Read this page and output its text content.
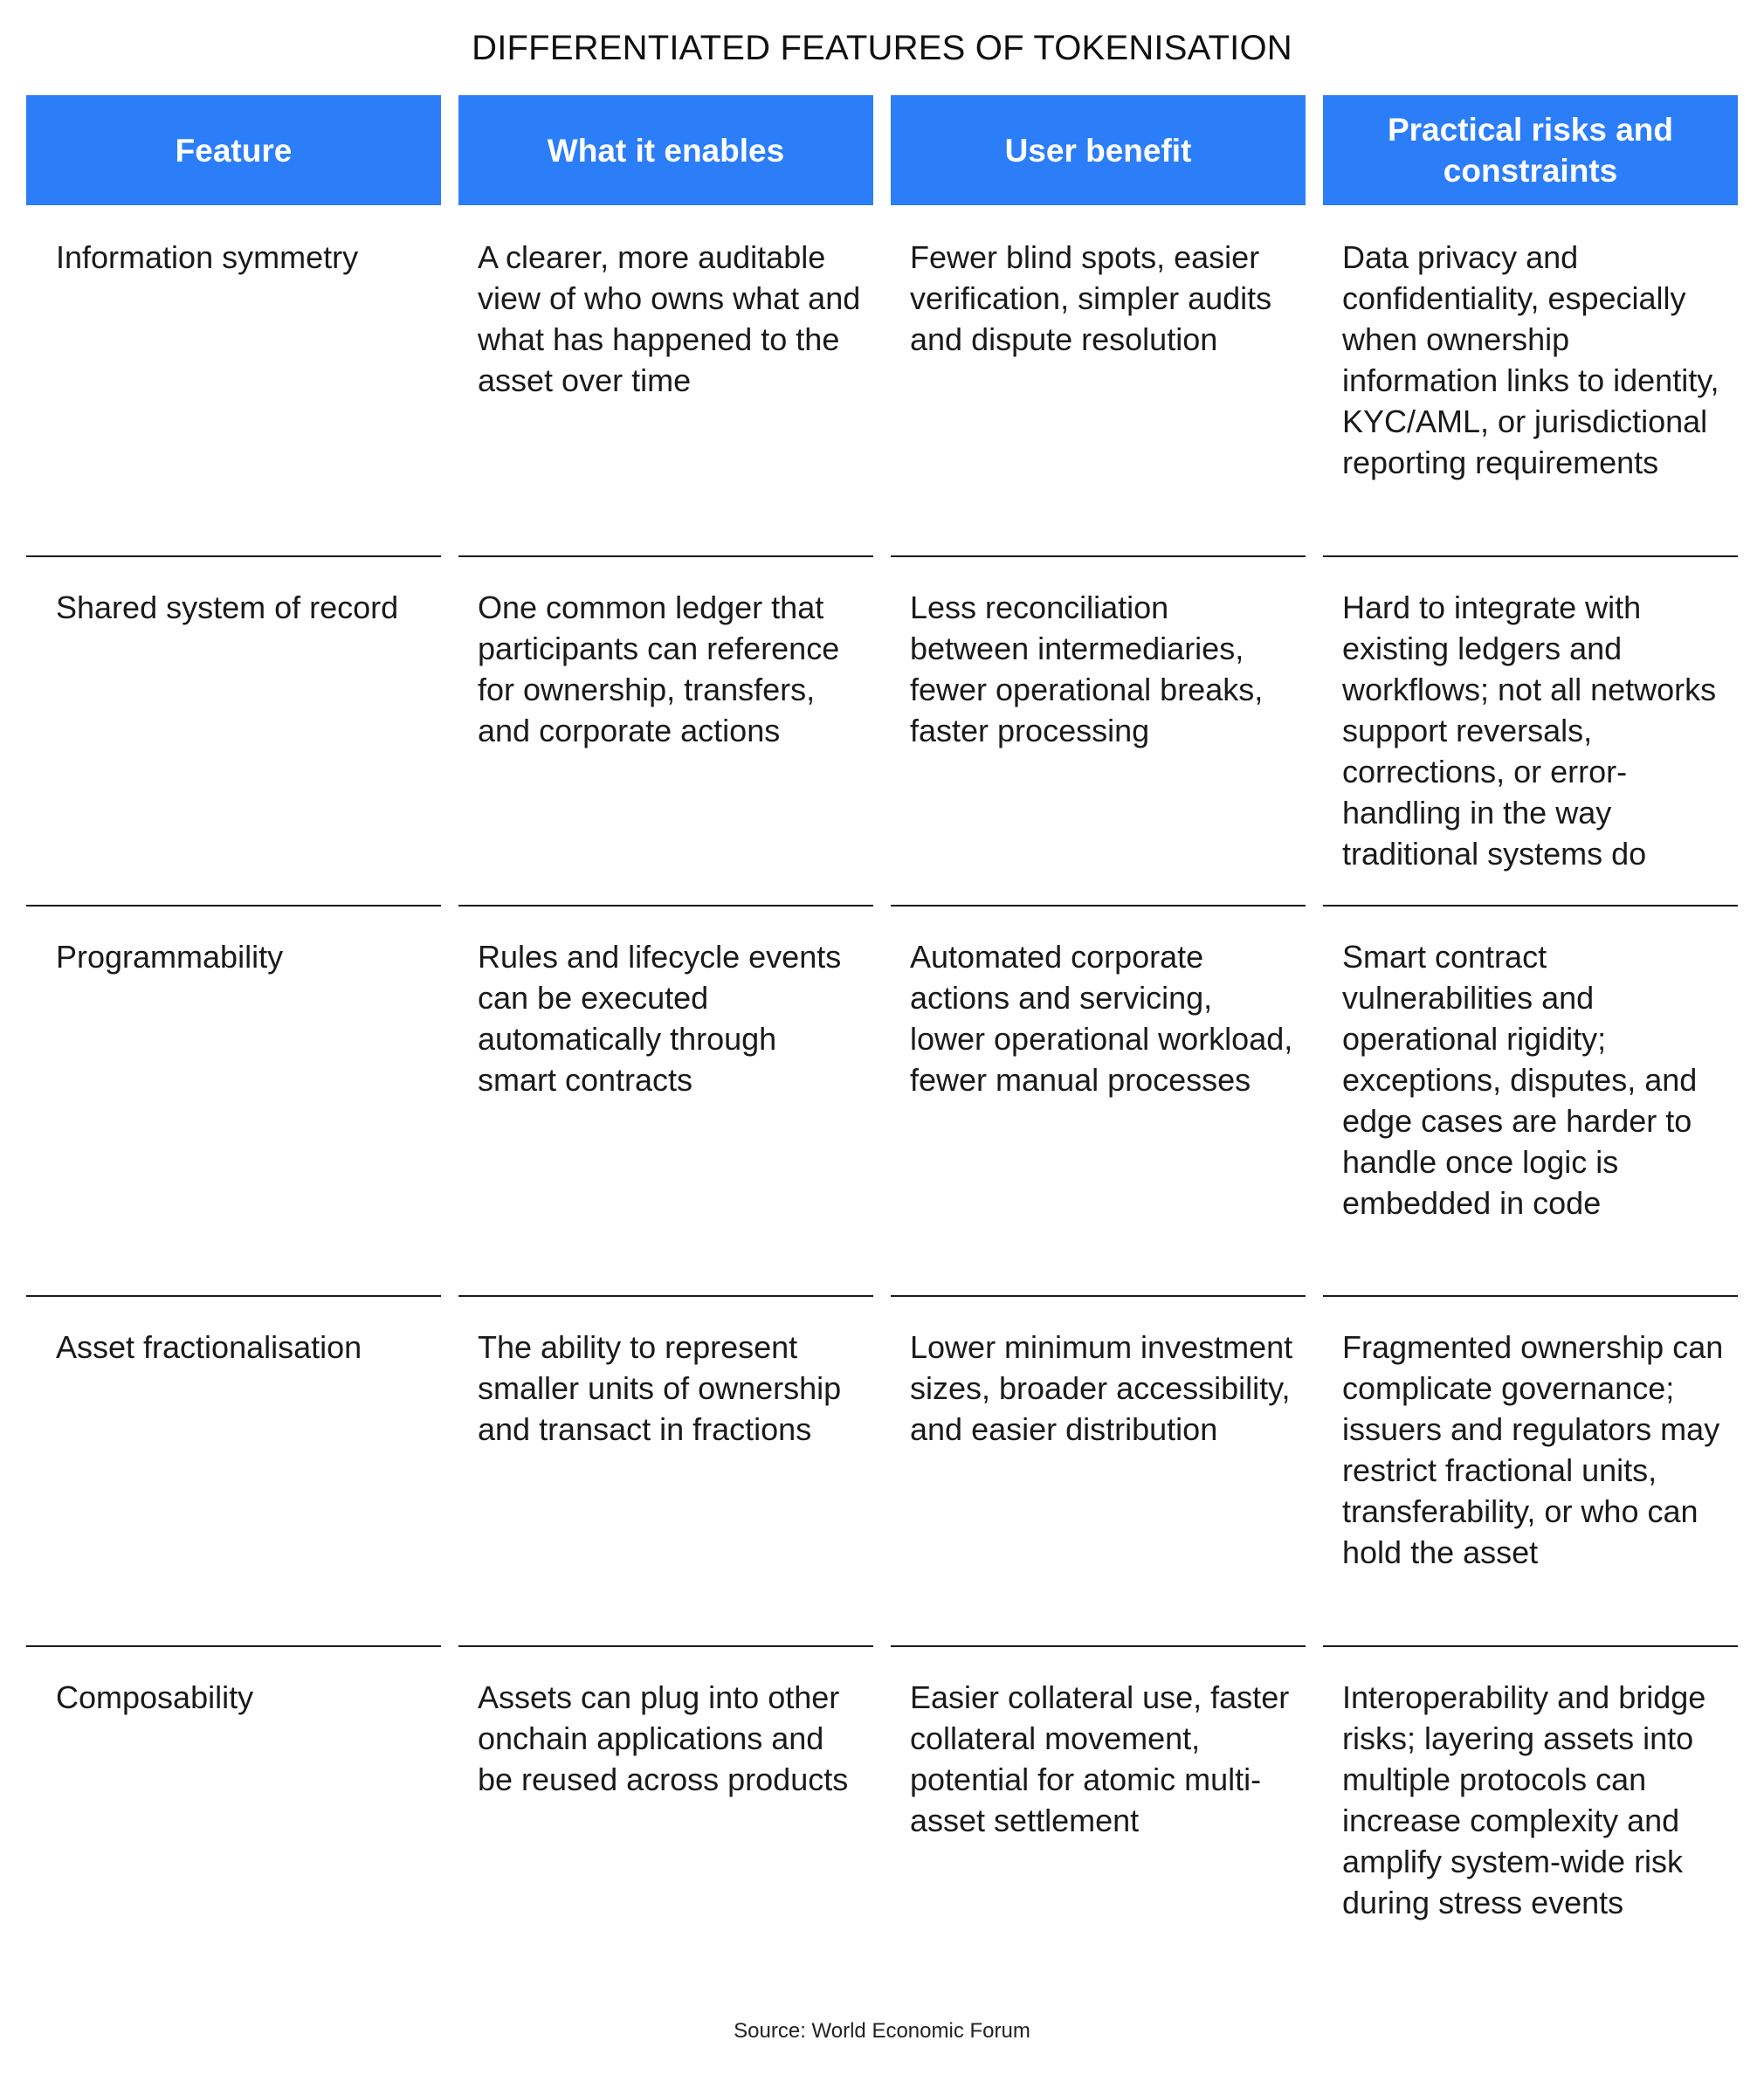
DIFFERENTIATED FEATURES OF TOKENISATION
Feature
Information symmetry
Shared system of record
Programmability
Asset fractionalisation
Composability
What it enables
A clearer, more auditable view of who owns what and what has happened to the asset over time
One common ledger that participants can reference for ownership, transfers, and corporate actions
Rules and lifecycle events can be executed automatically through smart contracts
The ability to represent smaller units of ownership and transact in fractions
Assets can plug into other onchain applications and be reused across products
User benefit
Fewer blind spots, easier verification, simpler audits and dispute resolution
Less reconciliation between intermediaries, fewer operational breaks, faster processing
Automated corporate actions and servicing, lower operational workload, fewer manual processes
Lower minimum investment sizes, broader accessibility, and easier distribution
Easier collateral use, faster collateral movement, potential for atomic multi-asset settlement
Practical risks and constraints
Data privacy and confidentiality, especially when ownership information links to identity, KYC/AML, or jurisdictional reporting requirements
Hard to integrate with existing ledgers and workflows; not all networks support reversals, corrections, or error-handling in the way traditional systems do
Smart contract vulnerabilities and operational rigidity; exceptions, disputes, and edge cases are harder to handle once logic is embedded in code
Fragmented ownership can complicate governance; issuers and regulators may restrict fractional units, transferability, or who can hold the asset
Interoperability and bridge risks; layering assets into multiple protocols can increase complexity and amplify system-wide risk during stress events
Source: World Economic Forum
